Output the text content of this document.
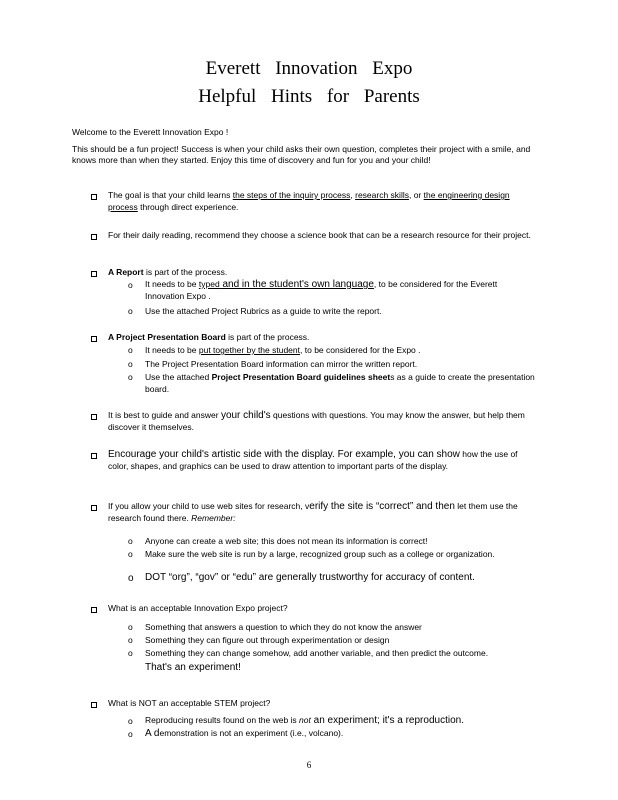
Everett Innovation Expo
Helpful Hints for Parents
Welcome to the Everett Innovation Expo !
This should be a fun project! Success is when your child asks their own question, completes their project with a smile, and knows more than when they started. Enjoy this time of discovery and fun for you and your child!
The goal is that your child learns the steps of the inquiry process, research skills, or the engineering design process through direct experience.
For their daily reading, recommend they choose a science book that can be a research resource for their project.
A Report is part of the process.
o It needs to be typed and in the student's own language, to be considered for the Everett Innovation Expo .
o Use the attached Project Rubrics as a guide to write the report.
A Project Presentation Board is part of the process.
o It needs to be put together by the student, to be considered for the Expo .
o The Project Presentation Board information can mirror the written report.
o Use the attached Project Presentation Board guidelines sheets as a guide to create the presentation board.
It is best to guide and answer your child's questions with questions. You may know the answer, but help them discover it themselves.
Encourage your child's artistic side with the display. For example, you can show how the use of color, shapes, and graphics can be used to draw attention to important parts of the display.
If you allow your child to use web sites for research, verify the site is “correct” and then let them use the research found there. Remember:
o Anyone can create a web site; this does not mean its information is correct!
o Make sure the web site is run by a large, recognized group such as a college or organization.
o DOT “org”, “gov” or “edu” are generally trustworthy for accuracy of content.
What is an acceptable Innovation Expo project?
o Something that answers a question to which they do not know the answer
o Something they can figure out through experimentation or design
o Something they can change somehow, add another variable, and then predict the outcome.
That's an experiment!
What is NOT an acceptable STEM project?
o Reproducing results found on the web is not an experiment; it's a reproduction.
o A demonstration is not an experiment (i.e., volcano).
6
